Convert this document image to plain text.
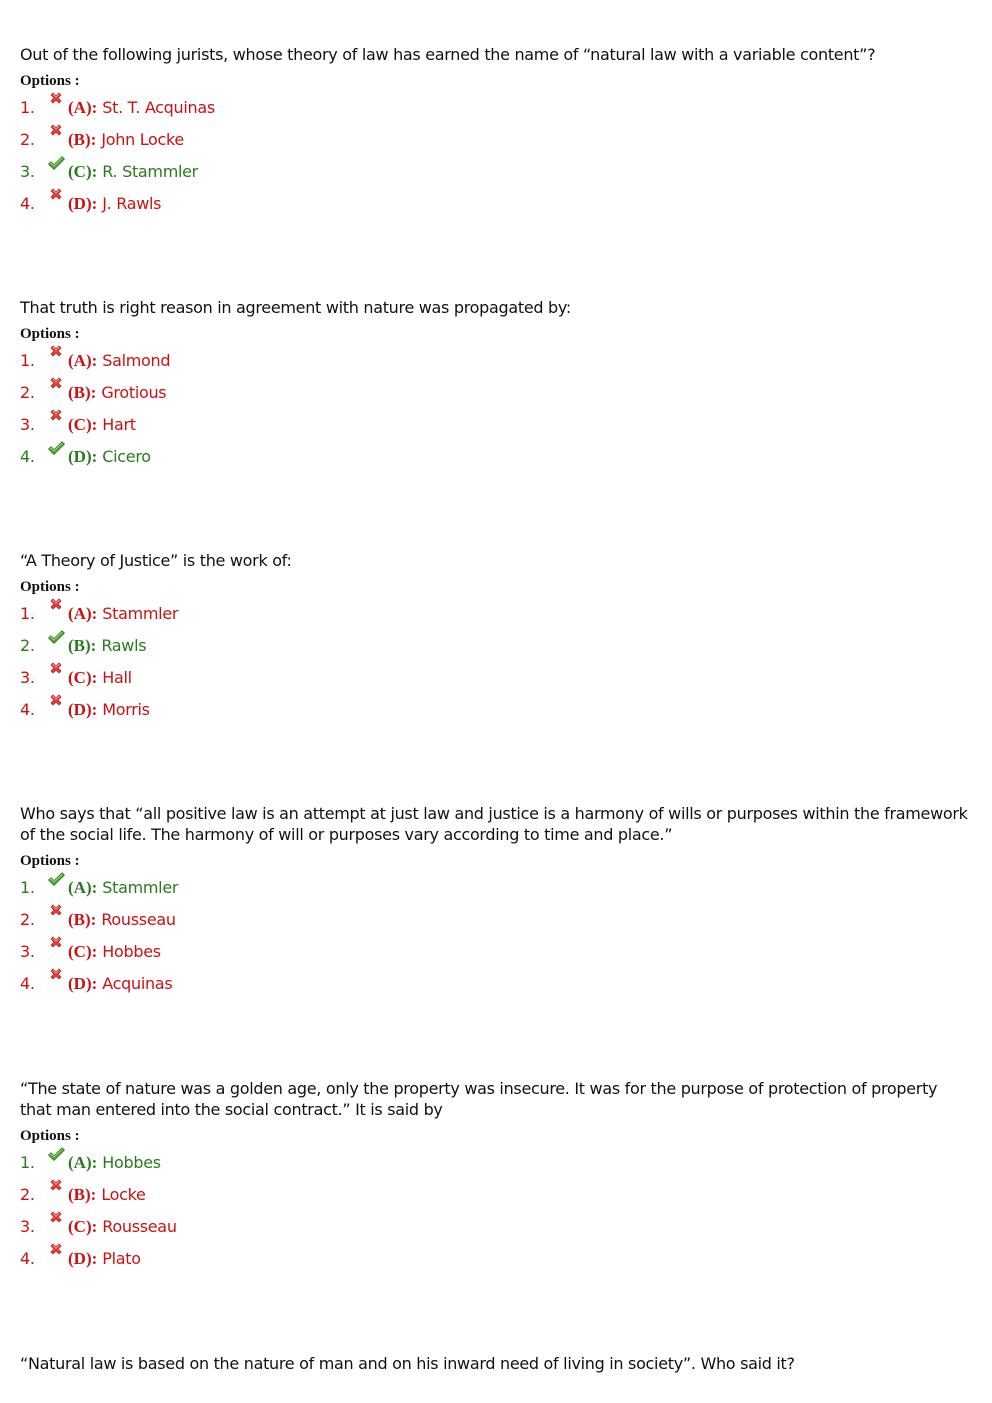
Out of the following jurists, whose theory of law has earned the name of “natural law with a variable content”?

Options :
1.	(A): St. T. Acquinas
2.	(B): John Locke
3.	(C): R. Stammler
4.	(D): J. Rawls

That truth is right reason in agreement with nature was propagated by:

Options :
1.	(A): Salmond
2.	(B): Grotious
3.	(C): Hart
4.	(D): Cicero

“A Theory of Justice” is the work of:

Options :
1.	(A): Stammler
2.	(B): Rawls
3.	(C): Hall
4.	(D): Morris

Who says that “all positive law is an attempt at just law and justice is a harmony of wills or purposes within the framework of the social life. The harmony of will or purposes vary according to time and place.”

Options :
1.	(A): Stammler
2.	(B): Rousseau
3.	(C): Hobbes
4.	(D): Acquinas

“The state of nature was a golden age, only the property was insecure. It was for the purpose of protection of property that man entered into the social contract.” It is said by

Options :
1.	(A): Hobbes
2.	(B): Locke
3.	(C): Rousseau
4.	(D): Plato

“Natural law is based on the nature of man and on his inward need of living in society”. Who said it?
